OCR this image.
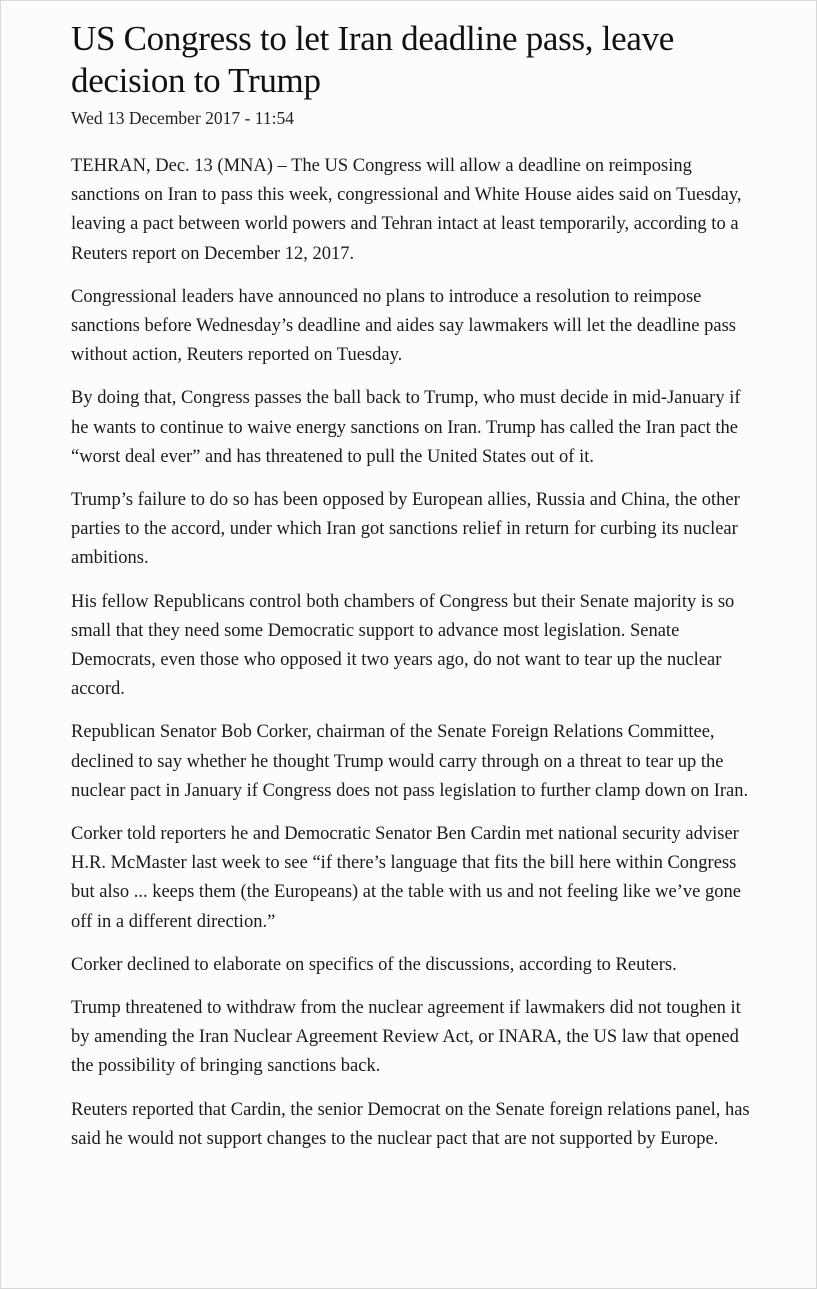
US Congress to let Iran deadline pass, leave decision to Trump
Wed 13 December 2017 - 11:54

TEHRAN, Dec. 13 (MNA) – The US Congress will allow a deadline on reimposing sanctions on Iran to pass this week, congressional and White House aides said on Tuesday, leaving a pact between world powers and Tehran intact at least temporarily, according to a Reuters report on December 12, 2017.

Congressional leaders have announced no plans to introduce a resolution to reimpose sanctions before Wednesday’s deadline and aides say lawmakers will let the deadline pass without action, Reuters reported on Tuesday.

By doing that, Congress passes the ball back to Trump, who must decide in mid-January if he wants to continue to waive energy sanctions on Iran. Trump has called the Iran pact the “worst deal ever” and has threatened to pull the United States out of it.

Trump’s failure to do so has been opposed by European allies, Russia and China, the other parties to the accord, under which Iran got sanctions relief in return for curbing its nuclear ambitions.

His fellow Republicans control both chambers of Congress but their Senate majority is so small that they need some Democratic support to advance most legislation. Senate Democrats, even those who opposed it two years ago, do not want to tear up the nuclear accord.

Republican Senator Bob Corker, chairman of the Senate Foreign Relations Committee, declined to say whether he thought Trump would carry through on a threat to tear up the nuclear pact in January if Congress does not pass legislation to further clamp down on Iran.

Corker told reporters he and Democratic Senator Ben Cardin met national security adviser H.R. McMaster last week to see “if there’s language that fits the bill here within Congress but also ... keeps them (the Europeans) at the table with us and not feeling like we’ve gone off in a different direction.”

Corker declined to elaborate on specifics of the discussions, according to Reuters.

Trump threatened to withdraw from the nuclear agreement if lawmakers did not toughen it by amending the Iran Nuclear Agreement Review Act, or INARA, the US law that opened the possibility of bringing sanctions back.

Reuters reported that Cardin, the senior Democrat on the Senate foreign relations panel, has said he would not support changes to the nuclear pact that are not supported by Europe.
